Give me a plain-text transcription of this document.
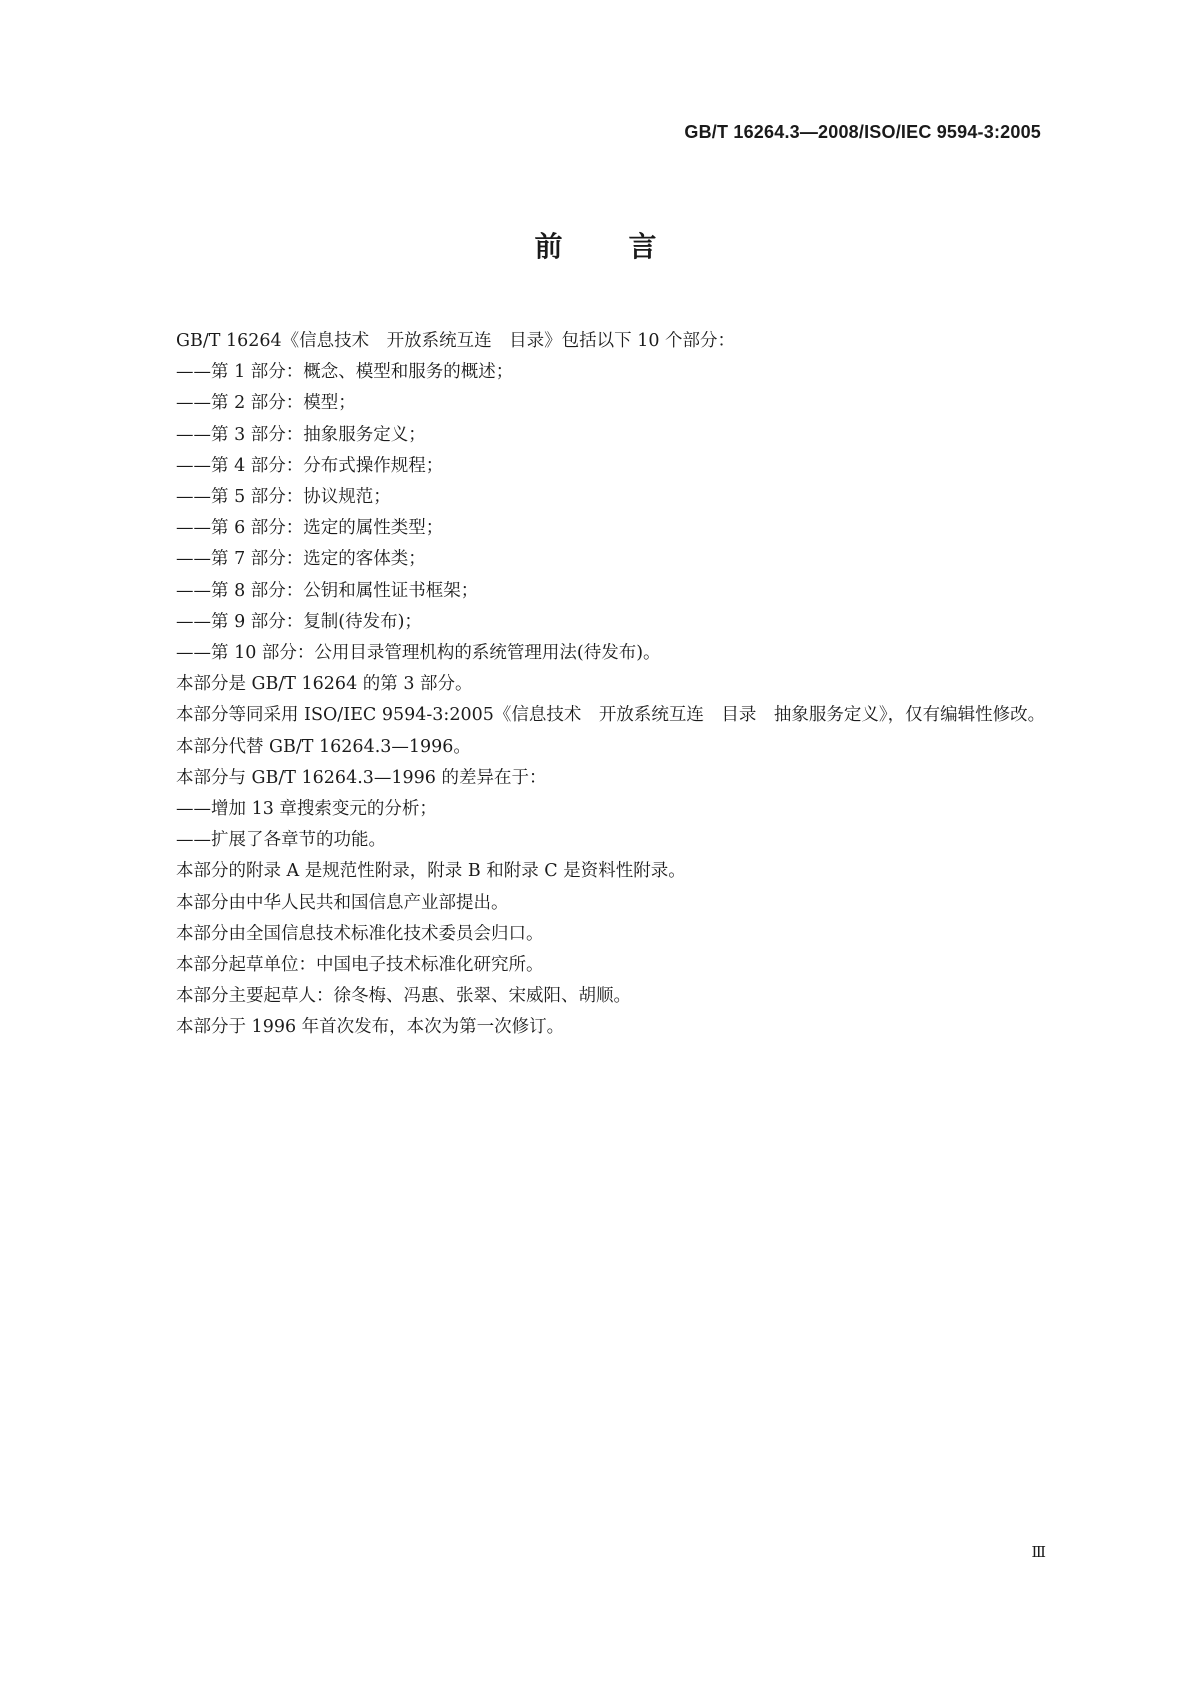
GB/T 16264.3—2008/ISO/IEC 9594-3:2005
前言

GB/T 16264《信息技术　开放系统互连　目录》包括以下 10 个部分：

——第 1 部分：概念、模型和服务的概述；

——第 2 部分：模型；

——第 3 部分：抽象服务定义；

——第 4 部分：分布式操作规程；

——第 5 部分：协议规范；

——第 6 部分：选定的属性类型；

——第 7 部分：选定的客体类；

——第 8 部分：公钥和属性证书框架；

——第 9 部分：复制(待发布)；

——第 10 部分：公用目录管理机构的系统管理用法(待发布)。

本部分是 GB/T 16264 的第 3 部分。

本部分等同采用 ISO/IEC 9594-3:2005《信息技术　开放系统互连　目录　抽象服务定义》，仅有编辑性修改。

本部分代替 GB/T 16264.3—1996。

本部分与 GB/T 16264.3—1996 的差异在于：

——增加 13 章搜索变元的分析；

——扩展了各章节的功能。

本部分的附录 A 是规范性附录，附录 B 和附录 C 是资料性附录。

本部分由中华人民共和国信息产业部提出。

本部分由全国信息技术标准化技术委员会归口。

本部分起草单位：中国电子技术标准化研究所。

本部分主要起草人：徐冬梅、冯惠、张翠、宋威阳、胡顺。

本部分于 1996 年首次发布，本次为第一次修订。

Ⅲ
